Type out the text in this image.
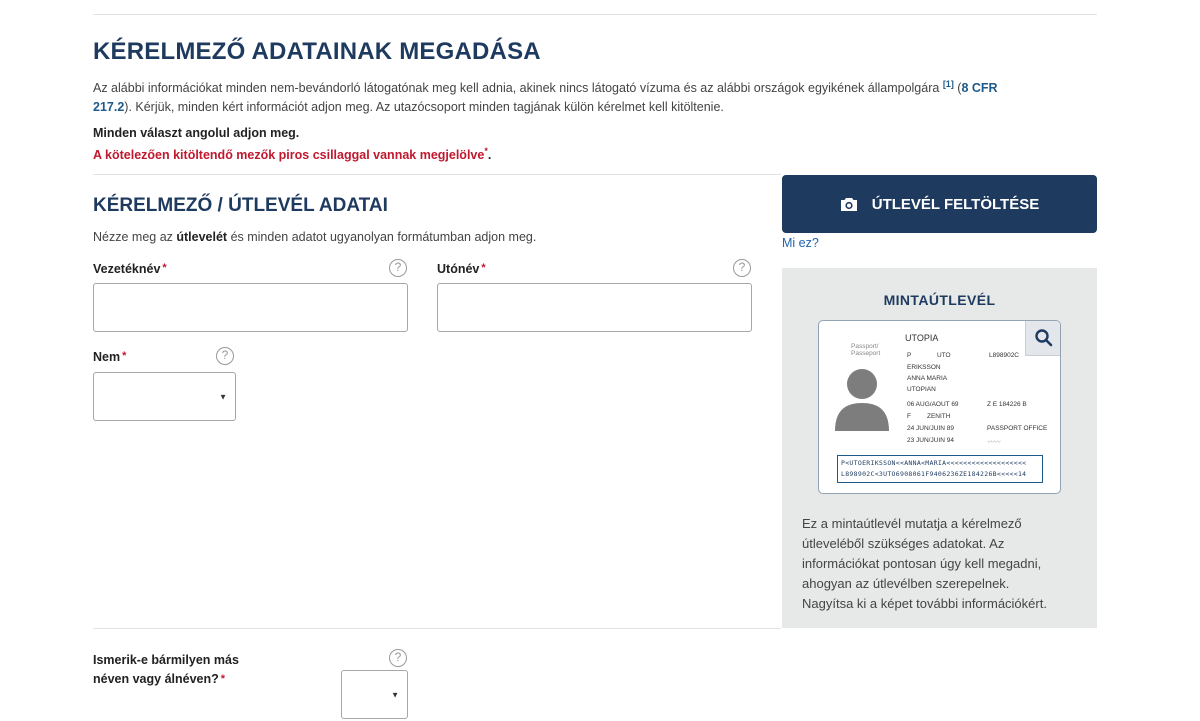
KÉRELMEZŐ ADATAINAK MEGADÁSA
Az alábbi információkat minden nem-bevándorló látogatónak meg kell adnia, akinek nincs látogató vízuma és az alábbi országok egyikének állampolgára [1] (8 CFR
217.2). Kérjük, minden kért információt adjon meg. Az utazócsoport minden tagjának külön kérelmet kell kitöltenie.
Minden választ angolul adjon meg.
A kötelezően kitöltendő mezők piros csillaggal vannak megjelölve*.
KÉRELMEZŐ / ÚTLEVÉL ADATAI
Nézze meg az útlevelét és minden adatot ugyanolyan formátumban adjon meg.
Vezetéknév *	?	Utónév *	?
Nem *	?
▼
ÚTLEVÉL FELTÖLTÉSE
Mi ez?
MINTAÚTLEVÉL
Passport/
Passeport
UTOPIA
P	UTO	L898902C
ERIKSSON
ANNA MARIA
UTOPIAN
06 AUG/AOUT 69	Z E 184226 B
F ZENITH
24 JUN/JUIN 89	PASSPORT OFFICE
23 JUN/JUIN 94	〰〰
P<UTOERIKSSON<<ANNA<MARIA<<<<<<<<<<<<<<<<<<<
L898902C<3UTO6908061F9406236ZE184226B<<<<<14
Ez a mintaútlevél mutatja a kérelmező
útleveléből szükséges adatokat. Az
információkat pontosan úgy kell megadni,
ahogyan az útlevélben szerepelnek.
Nagyítsa ki a képet további információkért.
Ismerik-e bármilyen más
néven vagy álnéven? *
?
▼
